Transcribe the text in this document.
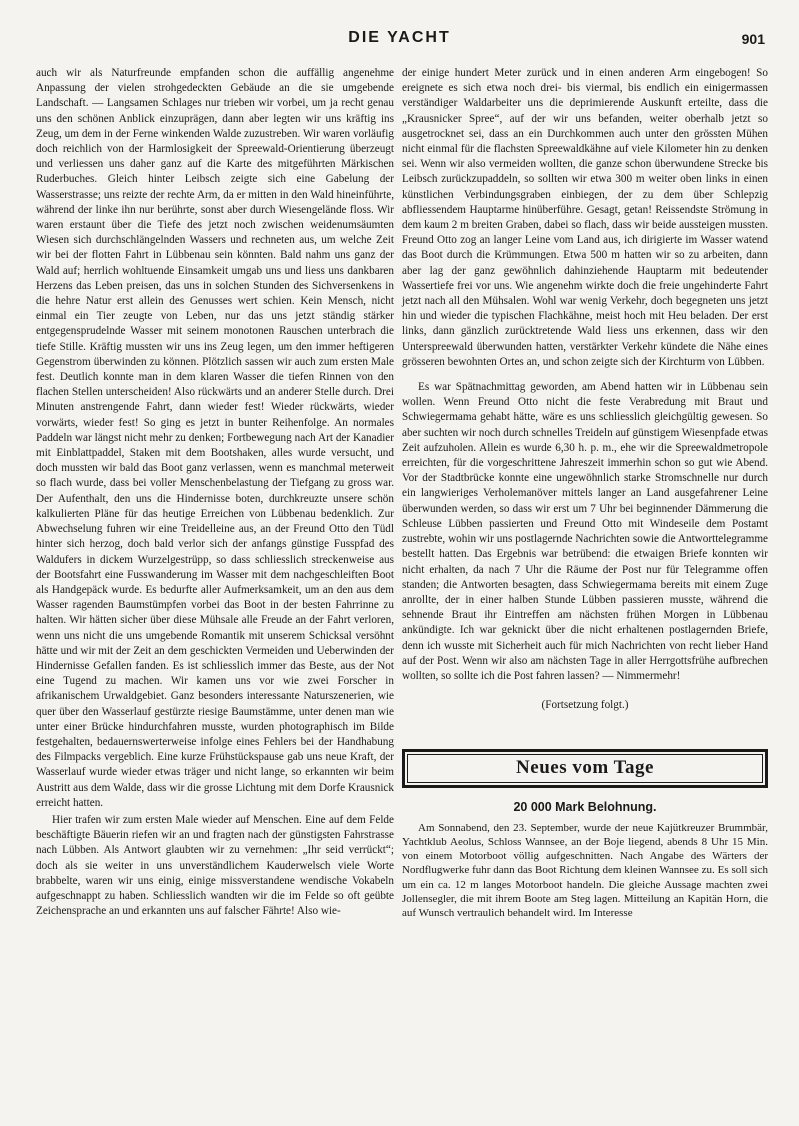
DIE YACHT	901

auch wir als Naturfreunde empfanden schon die auffällig angenehme Anpassung der vielen strohgedeckten Gebäude an die sie umgebende Landschaft. — Langsamen Schlages nur trieben wir vorbei, um ja recht genau uns den schönen Anblick einzuprägen, dann aber legten wir uns kräftig ins Zeug, um dem in der Ferne winkenden Walde zuzustreben. Wir waren vorläufig doch reichlich von der Harmlosigkeit der Spreewald-Orientierung überzeugt und verliessen uns daher ganz auf die Karte des mitgeführten Märkischen Ruderbuches. Gleich hinter Leibsch zeigte sich eine Gabelung der Wasserstrasse; uns reizte der rechte Arm, da er mitten in den Wald hineinführte, während der linke ihn nur berührte, sonst aber durch Wiesengelände floss. Wir waren erstaunt über die Tiefe des jetzt noch zwischen weidenumsäumten Wiesen sich durchschlängelnden Wassers und rechneten aus, um welche Zeit wir bei der flotten Fahrt in Lübbenau sein könnten. Bald nahm uns ganz der Wald auf; herrlich wohltuende Einsamkeit umgab uns und liess uns dankbaren Herzens das Leben preisen, das uns in solchen Stunden des Sichversenkens in die hehre Natur erst allein des Genusses wert schien. Kein Mensch, nicht einmal ein Tier zeugte von Leben, nur das uns jetzt ständig stärker entgegensprudelnde Wasser mit seinem monotonen Rauschen unterbrach die tiefe Stille. Kräftig mussten wir uns ins Zeug legen, um den immer heftigeren Gegenstrom überwinden zu können. Plötzlich sassen wir auch zum ersten Male fest. Deutlich konnte man in dem klaren Wasser die tiefen Rinnen von den flachen Stellen unterscheiden! Also rückwärts und an anderer Stelle durch. Drei Minuten anstrengende Fahrt, dann wieder fest! Wieder rückwärts, wieder vorwärts, wieder fest! So ging es jetzt in bunter Reihenfolge. An normales Paddeln war längst nicht mehr zu denken; Fortbewegung nach Art der Kanadier mit Einblattpaddel, Staken mit dem Bootshaken, alles wurde versucht, und doch mussten wir bald das Boot ganz verlassen, wenn es manchmal meterweit so flach wurde, dass bei voller Menschenbelastung der Tiefgang zu gross war. Der Aufenthalt, den uns die Hindernisse boten, durchkreuzte unsere schön kalkulierten Pläne für das heutige Erreichen von Lübbenau bedenklich. Zur Abwechselung fuhren wir eine Treidelleine aus, an der Freund Otto den Tüdl hinter sich herzog, doch bald verlor sich der anfangs günstige Fusspfad des Waldufers in dickem Wurzelgestrüpp, so dass schliesslich streckenweise aus der Bootsfahrt eine Fusswanderung im Wasser mit dem nachgeschleiften Boot als Handgepäck wurde. Es bedurfte aller Aufmerksamkeit, um an den aus dem Wasser ragenden Baumstümpfen vorbei das Boot in der besten Fahrrinne zu halten. Wir hätten sicher über diese Mühsale alle Freude an der Fahrt verloren, wenn uns nicht die uns umgebende Romantik mit unserem Schicksal versöhnt hätte und wir mit der Zeit an dem geschickten Vermeiden und Ueberwinden der Hindernisse Gefallen fanden. Es ist schliesslich immer das Beste, aus der Not eine Tugend zu machen. Wir kamen uns vor wie zwei Forscher in afrikanischem Urwaldgebiet. Ganz besonders interessante Naturszenerien, wie quer über den Wasserlauf gestürzte riesige Baumstämme, unter denen man wie unter einer Brücke hindurchfahren musste, wurden photographisch im Bilde festgehalten, bedauernswerterweise infolge eines Fehlers bei der Handhabung des Filmpacks vergeblich. Eine kurze Frühstückspause gab uns neue Kraft, der Wasserlauf wurde wieder etwas träger und nicht lange, so erkannten wir beim Austritt aus dem Walde, dass wir die grosse Lichtung mit dem Dorfe Krausnick erreicht hatten.

Hier trafen wir zum ersten Male wieder auf Menschen. Eine auf dem Felde beschäftigte Bäuerin riefen wir an und fragten nach der günstigsten Fahrstrasse nach Lübben. Als Antwort glaubten wir zu vernehmen: „Ihr seid verrückt“; doch als sie weiter in uns unverständlichem Kauderwelsch viele Worte brabbelte, waren wir uns einig, einige missverstandene wendische Vokabeln aufgeschnappt zu haben. Schliesslich wandten wir die im Felde so oft geübte Zeichensprache an und erkannten uns auf falscher Fährte! Also wie-

der einige hundert Meter zurück und in einen anderen Arm eingebogen! So ereignete es sich etwa noch drei- bis viermal, bis endlich ein einigermassen verständiger Waldarbeiter uns die deprimierende Auskunft erteilte, dass die „Krausnicker Spree“, auf der wir uns befanden, weiter oberhalb jetzt so ausgetrocknet sei, dass an ein Durchkommen auch unter den grössten Mühen nicht einmal für die flachsten Spreewaldkähne auf viele Kilometer hin zu denken sei. Wenn wir also vermeiden wollten, die ganze schon überwundene Strecke bis Leibsch zurückzupaddeln, so sollten wir etwa 300 m weiter oben links in einen künstlichen Verbindungsgraben einbiegen, der zu dem über Schlepzig abfliessendem Hauptarme hinüberführe. Gesagt, getan! Reissendste Strömung in dem kaum 2 m breiten Graben, dabei so flach, dass wir beide aussteigen mussten. Freund Otto zog an langer Leine vom Land aus, ich dirigierte im Wasser watend das Boot durch die Krümmungen. Etwa 500 m hatten wir so zu arbeiten, dann aber lag der ganz gewöhnlich dahinziehende Hauptarm mit bedeutender Wassertiefe frei vor uns. Wie angenehm wirkte doch die freie ungehinderte Fahrt jetzt nach all den Mühsalen. Wohl war wenig Verkehr, doch begegneten uns jetzt hin und wieder die typischen Flachkähne, meist hoch mit Heu beladen. Der erst links, dann gänzlich zurücktretende Wald liess uns erkennen, dass wir den Unterspreewald überwunden hatten, verstärkter Verkehr kündete die Nähe eines grösseren bewohnten Ortes an, und schon zeigte sich der Kirchturm von Lübben.

Es war Spätnachmittag geworden, am Abend hatten wir in Lübbenau sein wollen. Wenn Freund Otto nicht die feste Verabredung mit Braut und Schwiegermama gehabt hätte, wäre es uns schliesslich gleichgültig gewesen. So aber suchten wir noch durch schnelles Treideln auf günstigem Wiesenpfade etwas Zeit aufzuholen. Allein es wurde 6,30 h. p. m., ehe wir die Spreewaldmetropole erreichten, für die vorgeschrittene Jahreszeit immerhin schon so gut wie Abend. Vor der Stadtbrücke konnte eine ungewöhnlich starke Stromschnelle nur durch ein langwieriges Verholemanöver mittels langer an Land ausgefahrener Leine überwunden werden, so dass wir erst um 7 Uhr bei beginnender Dämmerung die Schleuse Lübben passierten und Freund Otto mit Windeseile dem Postamt zustrebte, wohin wir uns postlagernde Nachrichten sowie die Antworttelegramme bestellt hatten. Das Ergebnis war betrübend: die etwaigen Briefe konnten wir nicht erhalten, da nach 7 Uhr die Räume der Post nur für Telegramme offen standen; die Antworten besagten, dass Schwiegermama bereits mit einem Zuge anrollte, der in einer halben Stunde Lübben passieren musste, während die sehnende Braut ihr Eintreffen am nächsten frühen Morgen in Lübbenau ankündigte. Ich war geknickt über die nicht erhaltenen postlagernden Briefe, denn ich wusste mit Sicherheit auch für mich Nachrichten von recht lieber Hand auf der Post. Wenn wir also am nächsten Tage in aller Herrgottsfrühe aufbrechen wollten, so sollte ich die Post fahren lassen? — Nimmermehr!

(Fortsetzung folgt.)

Neues vom Tage

20 000 Mark Belohnung.

Am Sonnabend, den 23. September, wurde der neue Kajütkreuzer Brummbär, Yachtklub Aeolus, Schloss Wannsee, an der Boje liegend, abends 8 Uhr 15 Min. von einem Motorboot völlig aufgeschnitten. Nach Angabe des Wärters der Nordflugwerke fuhr dann das Boot Richtung dem kleinen Wannsee zu. Es soll sich um ein ca. 12 m langes Motorboot handeln. Die gleiche Aussage machten zwei Jollensegler, die mit ihrem Boote am Steg lagen. Mitteilung an Kapitän Horn, die auf Wunsch vertraulich behandelt wird. Im Interesse
